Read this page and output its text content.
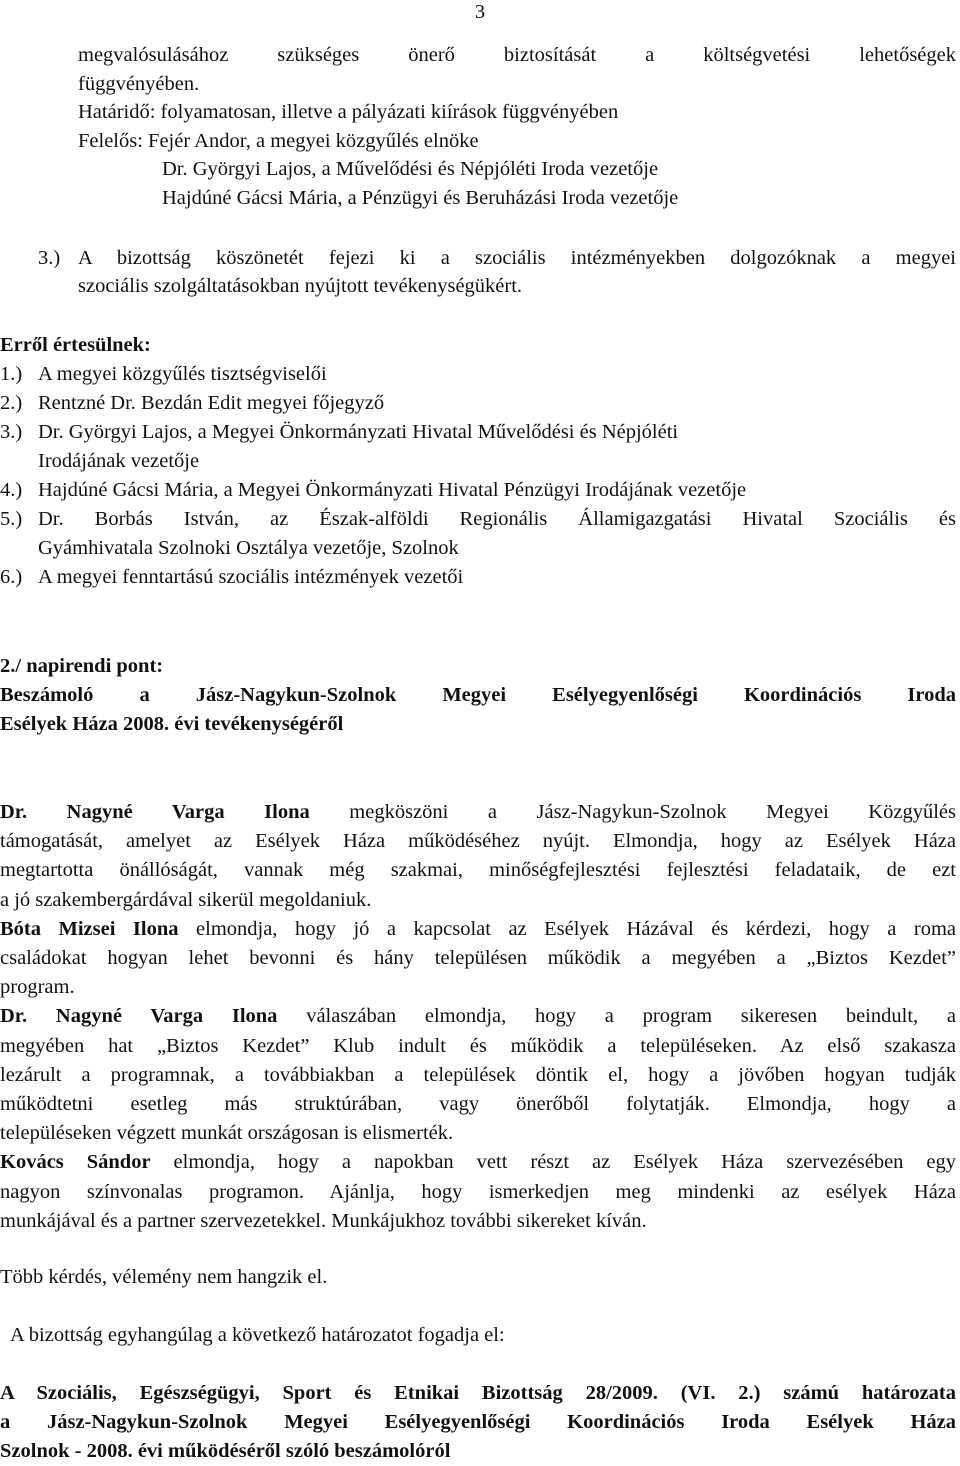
3
megvalósulásához szükséges önerő biztosítását a költségvetési lehetőségek
függvényében.
Határidő: folyamatosan, illetve a pályázati kiírások függvényében
Felelős: Fejér Andor, a megyei közgyűlés elnöke
Dr. Györgyi Lajos, a Művelődési és Népjóléti Iroda vezetője
Hajdúné Gácsi Mária, a Pénzügyi és Beruházási Iroda vezetője
3.) A bizottság köszönetét fejezi ki a szociális intézményekben dolgozóknak a megyei
szociális szolgáltatásokban nyújtott tevékenységükért.
Erről értesülnek:
1.) A megyei közgyűlés tisztségviselői
2.) Rentzné Dr. Bezdán Edit megyei főjegyző
3.) Dr. Györgyi Lajos, a Megyei Önkormányzati Hivatal Művelődési és Népjóléti
Irodájának vezetője
4.) Hajdúné Gácsi Mária, a Megyei Önkormányzati Hivatal Pénzügyi Irodájának vezetője
5.) Dr. Borbás István, az Észak-alföldi Regionális Államigazgatási Hivatal Szociális és
Gyámhivatala Szolnoki Osztálya vezetője, Szolnok
6.) A megyei fenntartású szociális intézmények vezetői
2./ napirendi pont:
Beszámoló a Jász-Nagykun-Szolnok Megyei Esélyegyenlőségi Koordinációs Iroda
Esélyek Háza 2008. évi tevékenységéről
Dr. Nagyné Varga Ilona megköszöni a Jász-Nagykun-Szolnok Megyei Közgyűlés
támogatását, amelyet az Esélyek Háza működéséhez nyújt. Elmondja, hogy az Esélyek Háza
megtartotta önállóságát, vannak még szakmai, minőségfejlesztési fejlesztési feladataik, de ezt
a jó szakembergárdával sikerül megoldaniuk.
Bóta Mizsei Ilona elmondja, hogy jó a kapcsolat az Esélyek Házával és kérdezi, hogy a roma
családokat hogyan lehet bevonni és hány településen működik a megyében a „Biztos Kezdet”
program.
Dr. Nagyné Varga Ilona válaszában elmondja, hogy a program sikeresen beindult, a
megyében hat „Biztos Kezdet” Klub indult és működik a településeken. Az első szakasza
lezárult a programnak, a továbbiakban a települések döntik el, hogy a jövőben hogyan tudják
működtetni esetleg más struktúrában, vagy önerőből folytatják. Elmondja, hogy a
településeken végzett munkát országosan is elismerték.
Kovács Sándor elmondja, hogy a napokban vett részt az Esélyek Háza szervezésében egy
nagyon színvonalas programon. Ajánlja, hogy ismerkedjen meg mindenki az esélyek Háza
munkájával és a partner szervezetekkel. Munkájukhoz további sikereket kíván.
Több kérdés, vélemény nem hangzik el.
A bizottság egyhangúlag a következő határozatot fogadja el:
A Szociális, Egészségügyi, Sport és Etnikai Bizottság 28/2009. (VI. 2.) számú határozata
a Jász-Nagykun-Szolnok Megyei Esélyegyenlőségi Koordinációs Iroda Esélyek Háza
Szolnok - 2008. évi működéséről szóló beszámolóról
